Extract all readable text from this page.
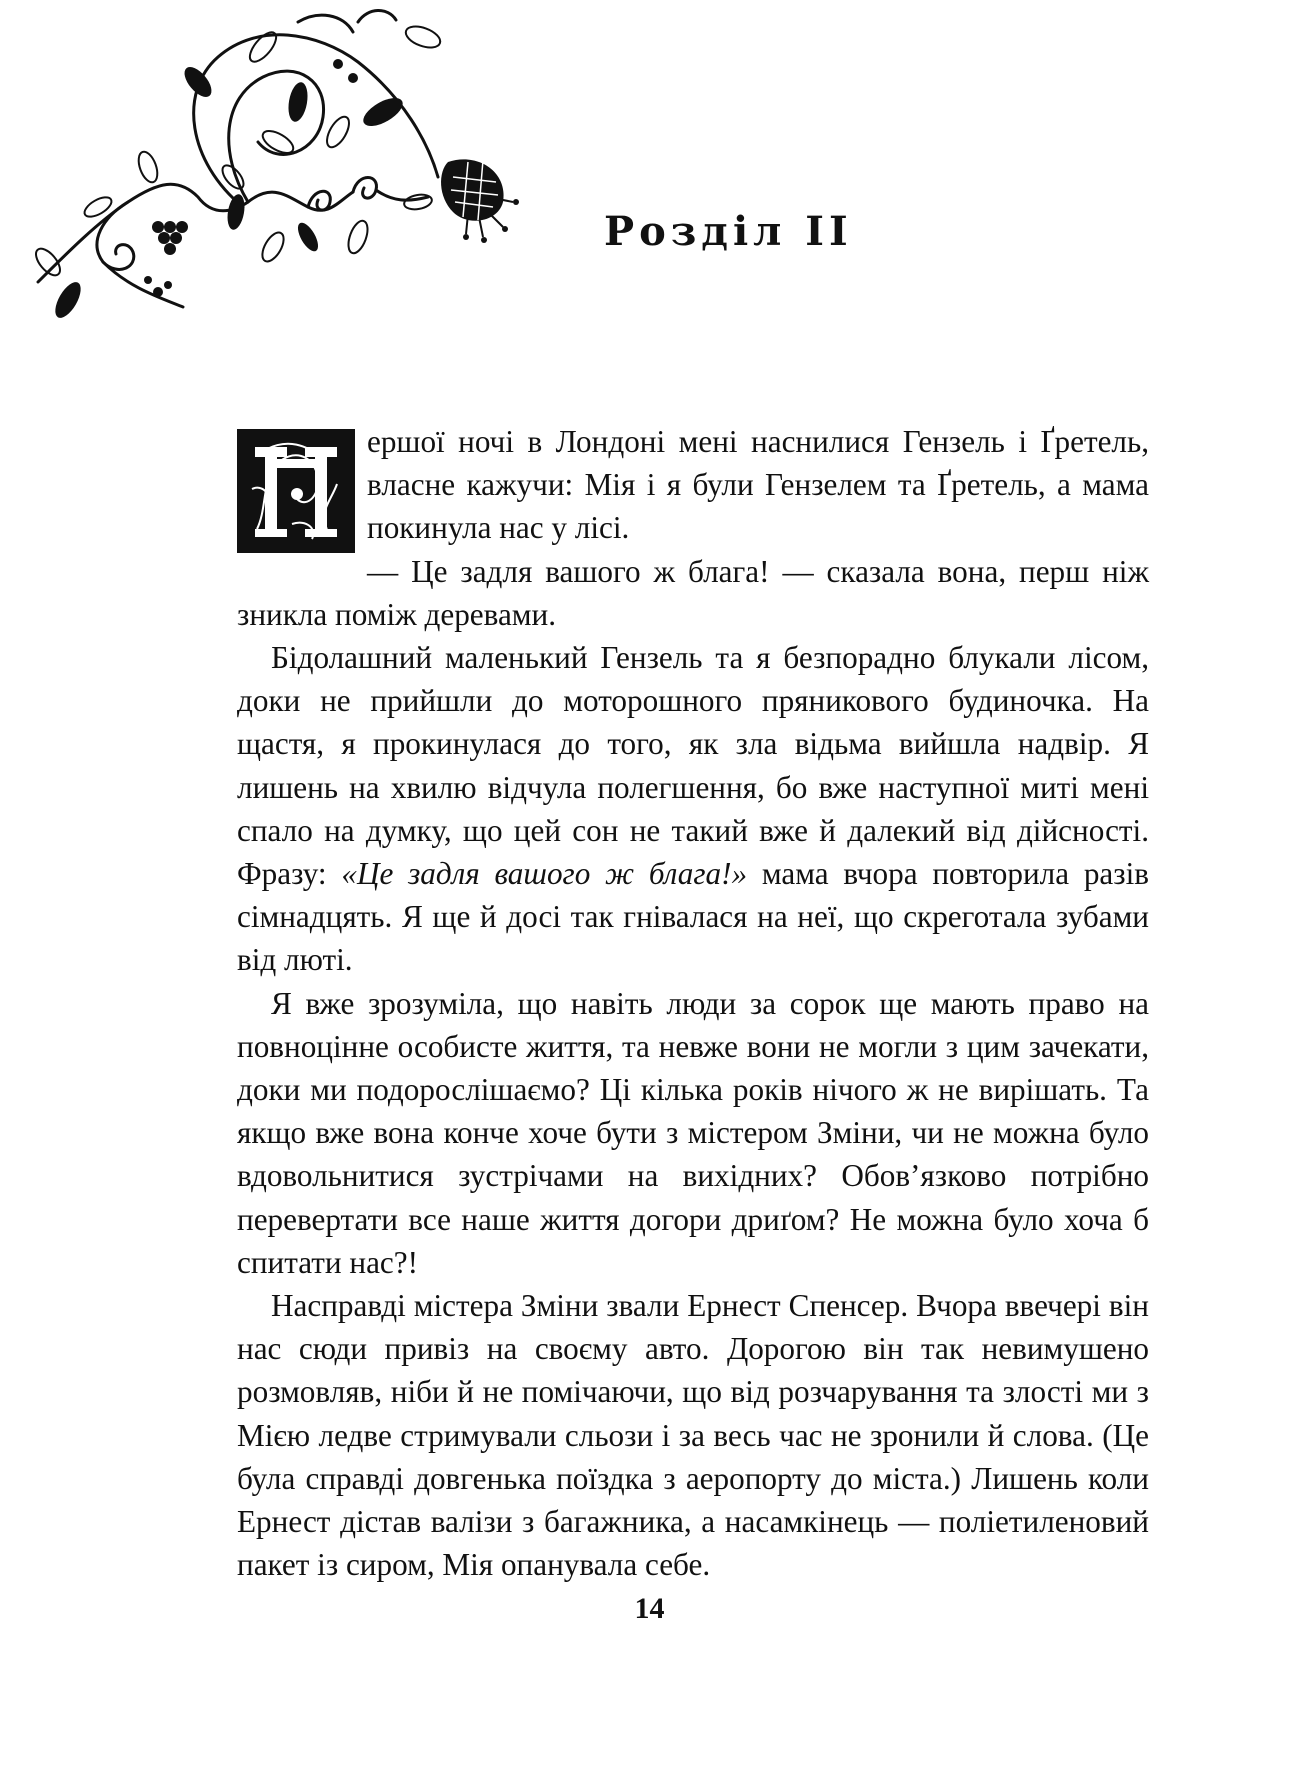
Розділ II

ершої ночі в Лондоні мені наснилися Гензель і Ґретель, власне кажучи: Мія і я були Гензелем та Ґретель, а мама покинула нас у лісі.

— Це задля вашого ж блага! — сказала вона, перш ніж зникла поміж деревами.

Бідолашний маленький Гензель та я безпорадно блукали лісом, доки не прийшли до моторошного пряникового будиночка. На щастя, я прокинулася до того, як зла відьма вийшла надвір. Я лишень на хвилю відчула полегшення, бо вже наступної миті мені спало на думку, що цей сон не такий вже й далекий від дійсності. Фразу: «Це задля вашого ж блага!» мама вчора повторила разів сімнадцять. Я ще й досі так гнівалася на неї, що скреготала зубами від люті.

Я вже зрозуміла, що навіть люди за сорок ще мають право на повноцінне особисте життя, та невже вони не могли з цим зачекати, доки ми подорослішаємо? Ці кілька років нічого ж не вирішать. Та якщо вже вона конче хоче бути з містером Зміни, чи не можна було вдовольнитися зустрічами на вихідних? Обов’язково потрібно перевертати все наше життя догори дриґом? Не можна було хоча б спитати нас?!

Насправді містера Зміни звали Ернест Спенсер. Вчора ввечері він нас сюди привіз на своєму авто. Дорогою він так невимушено розмовляв, ніби й не помічаючи, що від розчарування та злості ми з Мією ледве стримували сльози і за весь час не зронили й слова. (Це була справді довгенька поїздка з аеропорту до міста.) Лишень коли Ернест дістав валізи з багажника, а насамкінець — поліетиленовий пакет із сиром, Мія опанувала себе.

14
